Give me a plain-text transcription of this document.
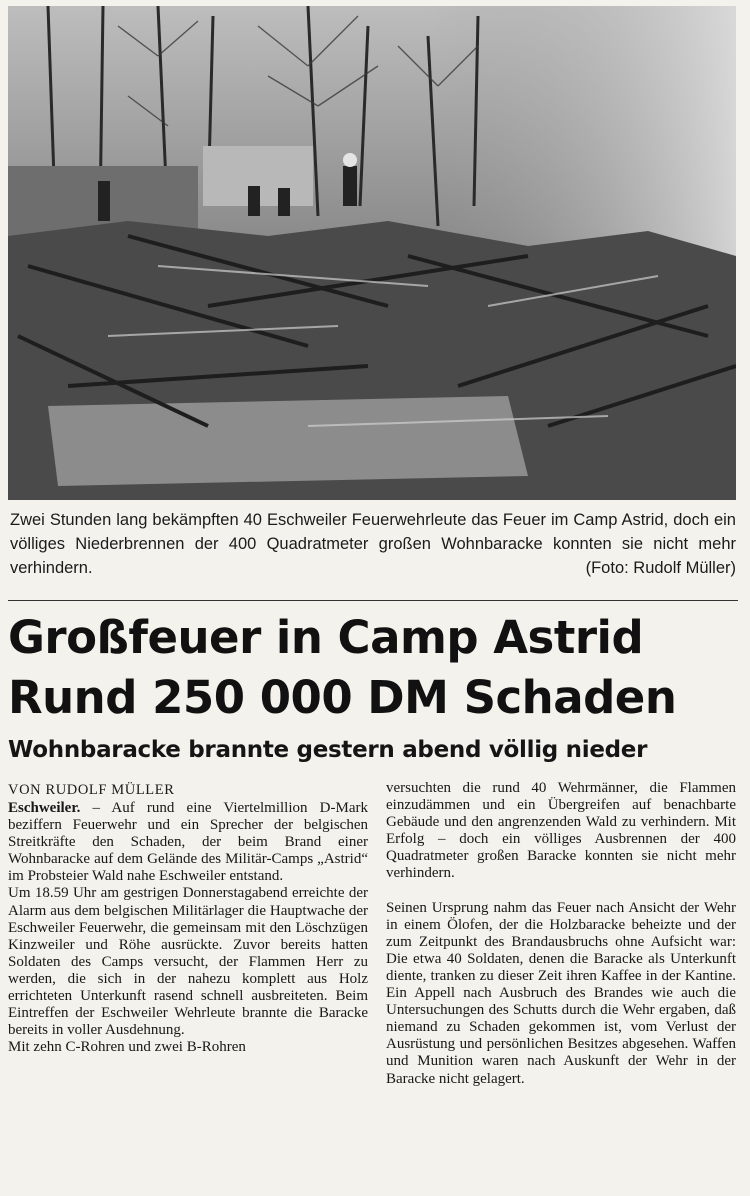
Zwei Stunden lang bekämpften 40 Eschweiler Feuerwehrleute das Feuer im Camp Astrid, doch ein völliges Niederbrennen der 400 Quadratmeter großen Wohnbaracke konnten sie nicht mehr verhindern.	(Foto: Rudolf Müller)
Großfeuer in Camp Astrid
Rund 250 000 DM Schaden
Wohnbaracke brannte gestern abend völlig nieder
VON RUDOLF MÜLLER

Eschweiler. – Auf rund eine Viertelmillion D-Mark beziffern Feuerwehr und ein Sprecher der belgischen Streitkräfte den Schaden, der beim Brand einer Wohnbaracke auf dem Gelände des Militär-Camps „Astrid“ im Probsteier Wald nahe Eschweiler entstand.

Um 18.59 Uhr am gestrigen Donnerstagabend erreichte der Alarm aus dem belgischen Militärlager die Hauptwache der Eschweiler Feuerwehr, die gemeinsam mit den Löschzügen Kinzweiler und Röhe ausrückte. Zuvor bereits hatten Soldaten des Camps versucht, der Flammen Herr zu werden, die sich in der nahezu komplett aus Holz errichteten Unterkunft rasend schnell ausbreiteten. Beim Eintreffen der Eschweiler Wehrleute brannte die Baracke bereits in voller Ausdehnung.

Mit zehn C-Rohren und zwei B-Rohren

versuchten die rund 40 Wehrmänner, die Flammen einzudämmen und ein Übergreifen auf benachbarte Gebäude und den angrenzenden Wald zu verhindern. Mit Erfolg – doch ein völliges Ausbrennen der 400 Quadratmeter großen Baracke konnten sie nicht mehr verhindern.

Seinen Ursprung nahm das Feuer nach Ansicht der Wehr in einem Ölofen, der die Holzbaracke beheizte und der zum Zeitpunkt des Brandausbruchs ohne Aufsicht war: Die etwa 40 Soldaten, denen die Baracke als Unterkunft diente, tranken zu dieser Zeit ihren Kaffee in der Kantine. Ein Appell nach Ausbruch des Brandes wie auch die Untersuchungen des Schutts durch die Wehr ergaben, daß niemand zu Schaden gekommen ist, vom Verlust der Ausrüstung und persönlichen Besitzes abgesehen. Waffen und Munition waren nach Auskunft der Wehr in der Baracke nicht gelagert.
